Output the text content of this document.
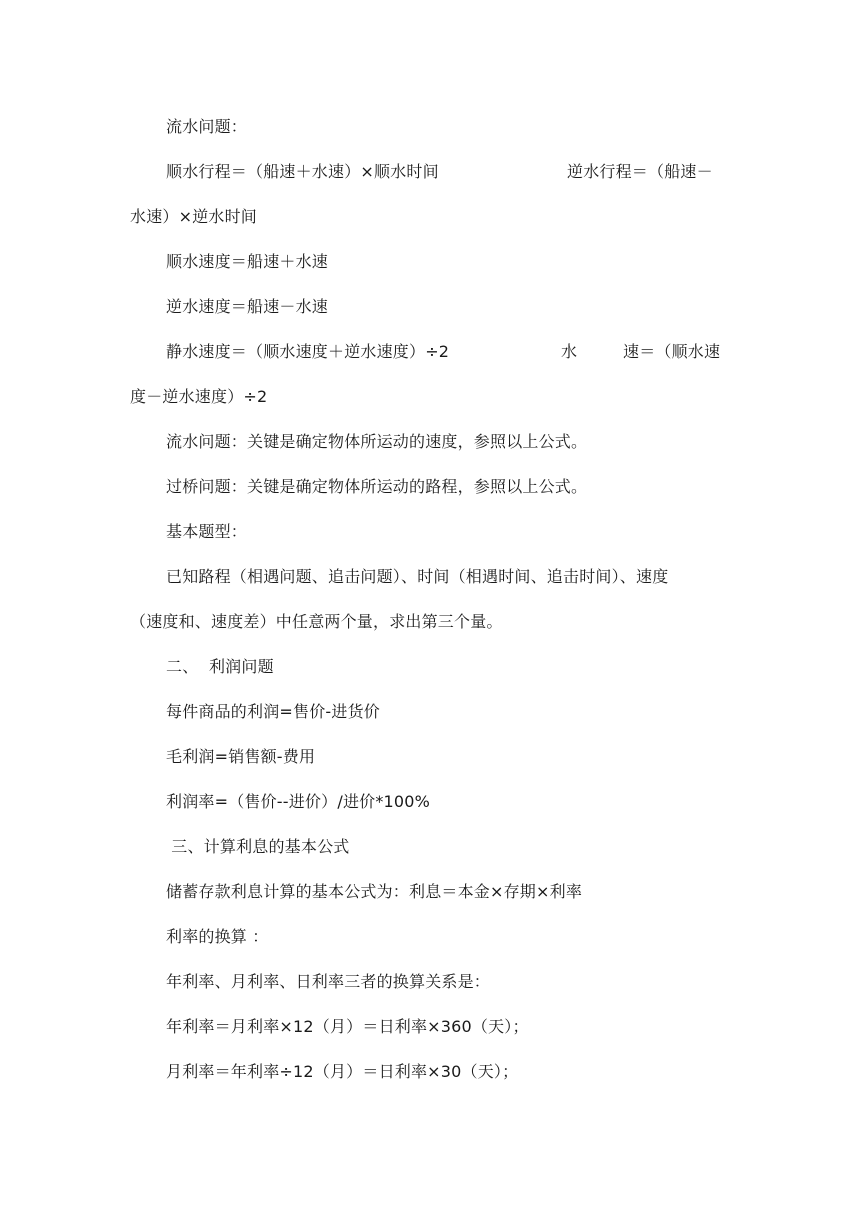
流水问题：
顺水行程＝（船速＋水速）×顺水时间	逆水行程＝（船速－
水速）×逆水时间
顺水速度＝船速＋水速
逆水速度＝船速－水速
静水速度＝（顺水速度＋逆水速度）÷2	水	速＝（顺水速
度－逆水速度）÷2
流水问题：关键是确定物体所运动的速度，参照以上公式。
过桥问题：关键是确定物体所运动的路程，参照以上公式。
基本题型：
已知路程（相遇问题、追击问题）、时间（相遇时间、追击时间）、速度
（速度和、速度差）中任意两个量，求出第三个量。
二、  利润问题
每件商品的利润=售价-进货价
毛利润=销售额-费用
利润率=（售价--进价）/进价*100%
三、计算利息的基本公式
储蓄存款利息计算的基本公式为：利息＝本金×存期×利率
利率的换算 ：
年利率、月利率、日利率三者的换算关系是：
年利率＝月利率×12（月）＝日利率×360（天）；
月利率＝年利率÷12（月）＝日利率×30（天）；
